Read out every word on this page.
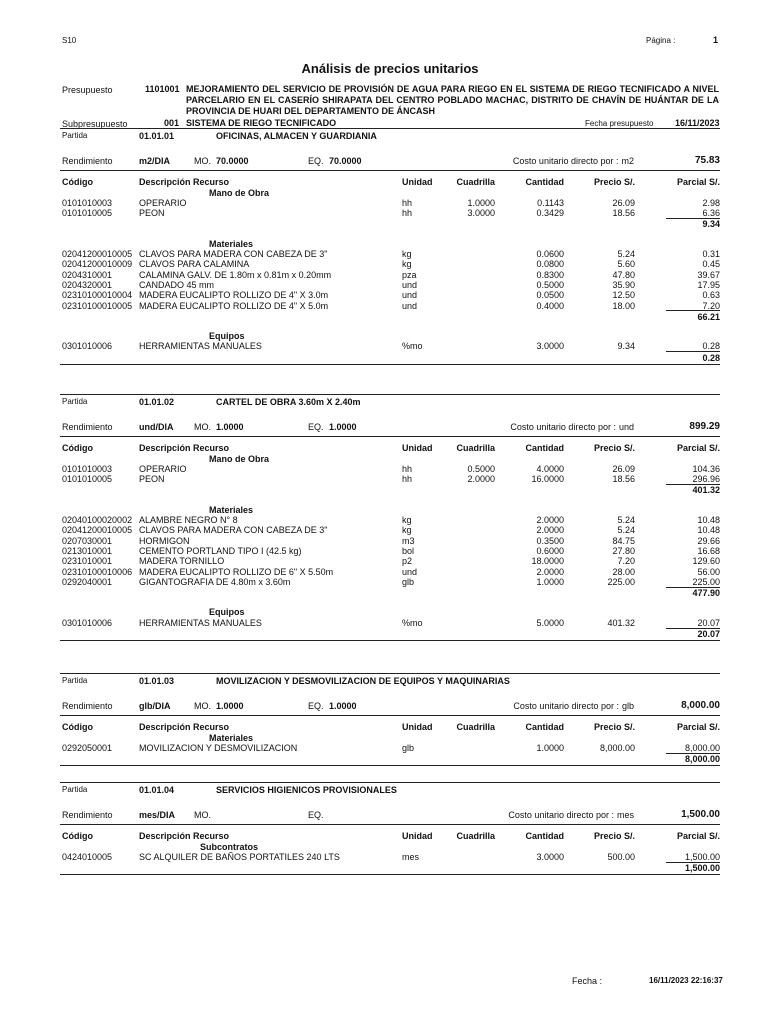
S10	Página :	1
Análisis de precios unitarios
Presupuesto	1101001 MEJORAMIENTO DEL SERVICIO DE PROVISIÓN DE AGUA PARA RIEGO EN EL SISTEMA DE RIEGO TECNIFICADO A NIVEL PARCELARIO EN EL CASERÍO SHIRAPATA DEL CENTRO POBLADO MACHAC, DISTRITO DE CHAVÍN DE HUÁNTAR DE LA PROVINCIA DE HUARI DEL DEPARTAMENTO DE ÁNCASH
Subpresupuesto	001 SISTEMA DE RIEGO TECNIFICADO	Fecha presupuesto 16/11/2023
Partida	01.01.01	OFICINAS, ALMACEN Y GUARDIANIA
Rendimiento	m2/DIA	MO. 70.0000	EQ. 70.0000	Costo unitario directo por : m2	75.83
Código	Descripción Recurso	Unidad	Cuadrilla	Cantidad	Precio S/.	Parcial S/.
Mano de Obra
0101010003	OPERARIO	hh	1.0000	0.1143	26.09	2.98
0101010005	PEON	hh	3.0000	0.3429	18.56	6.36
9.34
Materiales
02041200010005 CLAVOS PARA MADERA CON CABEZA DE 3"	kg	0.0600	5.24	0.31
02041200010009 CLAVOS PARA CALAMINA	kg	0.0800	5.60	0.45
0204310001	CALAMINA GALV. DE 1.80m x 0.81m x 0.20mm	pza	0.8300	47.80	39.67
0204320001	CANDADO 45 mm	und	0.5000	35.90	17.95
02310100010004 MADERA EUCALIPTO ROLLIZO DE 4" X 3.0m	und	0.0500	12.50	0.63
02310100010005 MADERA EUCALIPTO ROLLIZO DE 4" X 5.0m	und	0.4000	18.00	7.20
66.21
Equipos
0301010006	HERRAMIENTAS MANUALES	%mo	3.0000	9.34	0.28
0.28
Partida	01.01.02	CARTEL DE OBRA 3.60m X 2.40m
Rendimiento	und/DIA MO. 1.0000	EQ. 1.0000	Costo unitario directo por : und	899.29
Código	Descripción Recurso	Unidad	Cuadrilla	Cantidad	Precio S/.	Parcial S/.
Mano de Obra
0101010003	OPERARIO	hh	0.5000	4.0000	26.09	104.36
0101010005	PEON	hh	2.0000	16.0000	18.56	296.96
401.32
Materiales
02040100020002 ALAMBRE NEGRO N° 8	kg	2.0000	5.24	10.48
02041200010005 CLAVOS PARA MADERA CON CABEZA DE 3"	kg	2.0000	5.24	10.48
0207030001	HORMIGON	m3	0.3500	84.75	29.66
0213010001	CEMENTO PORTLAND TIPO I (42.5 kg)	bol	0.6000	27.80	16.68
0231010001	MADERA TORNILLO	p2	18.0000	7.20	129.60
02310100010006 MADERA EUCALIPTO ROLLIZO DE 6" X 5.50m	und	2.0000	28.00	56.00
0292040001	GIGANTOGRAFIA DE 4.80m x 3.60m	glb	1.0000	225.00	225.00
477.90
Equipos
0301010006	HERRAMIENTAS MANUALES	%mo	5.0000	401.32	20.07
20.07
Partida	01.01.03	MOVILIZACION Y DESMOVILIZACION DE EQUIPOS Y MAQUINARIAS
Rendimiento	glb/DIA	MO. 1.0000	EQ. 1.0000	Costo unitario directo por : glb	8,000.00
Código	Descripción Recurso	Unidad	Cuadrilla	Cantidad	Precio S/.	Parcial S/.
Materiales
0292050001	MOVILIZACION Y DESMOVILIZACION	glb	1.0000	8,000.00	8,000.00
8,000.00
Partida	01.01.04	SERVICIOS HIGIENICOS PROVISIONALES
Rendimiento	mes/DIA MO.	EQ.	Costo unitario directo por : mes	1,500.00
Código	Descripción Recurso	Unidad	Cuadrilla	Cantidad	Precio S/.	Parcial S/.
Subcontratos
0424010005	SC ALQUILER DE BAÑOS PORTATILES 240 LTS	mes	3.0000	500.00	1,500.00
1,500.00
Fecha :	16/11/2023 22:16:37
